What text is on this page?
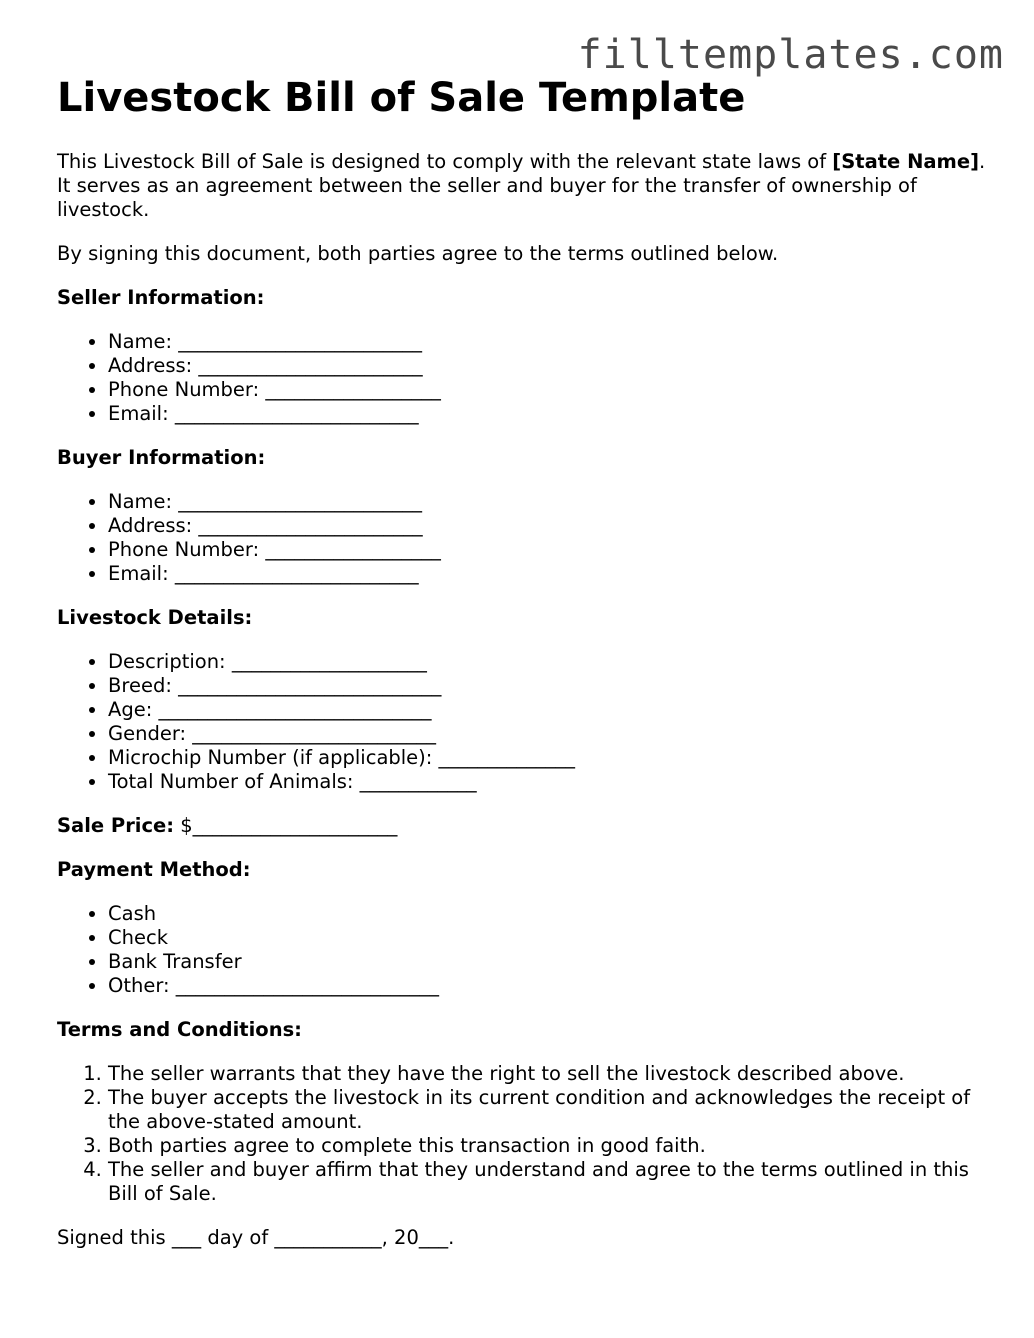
filltemplates.com
Livestock Bill of Sale Template

This Livestock Bill of Sale is designed to comply with the relevant state laws of [State Name]. It serves as an agreement between the seller and buyer for the transfer of ownership of livestock.

By signing this document, both parties agree to the terms outlined below.

Seller Information:

• Name: _________________________
• Address: _______________________
• Phone Number: __________________
• Email: _________________________

Buyer Information:

• Name: _________________________
• Address: _______________________
• Phone Number: __________________
• Email: _________________________

Livestock Details:

• Description: ____________________
• Breed: ___________________________
• Age: ____________________________
• Gender: _________________________
• Microchip Number (if applicable): ______________
• Total Number of Animals: ____________

Sale Price: $_____________________

Payment Method:

• Cash
• Check
• Bank Transfer
• Other: ___________________________

Terms and Conditions:

1. The seller warrants that they have the right to sell the livestock described above.
2. The buyer accepts the livestock in its current condition and acknowledges the receipt of the above-stated amount.
3. Both parties agree to complete this transaction in good faith.
4. The seller and buyer affirm that they understand and agree to the terms outlined in this Bill of Sale.

Signed this ___ day of ___________, 20___.
